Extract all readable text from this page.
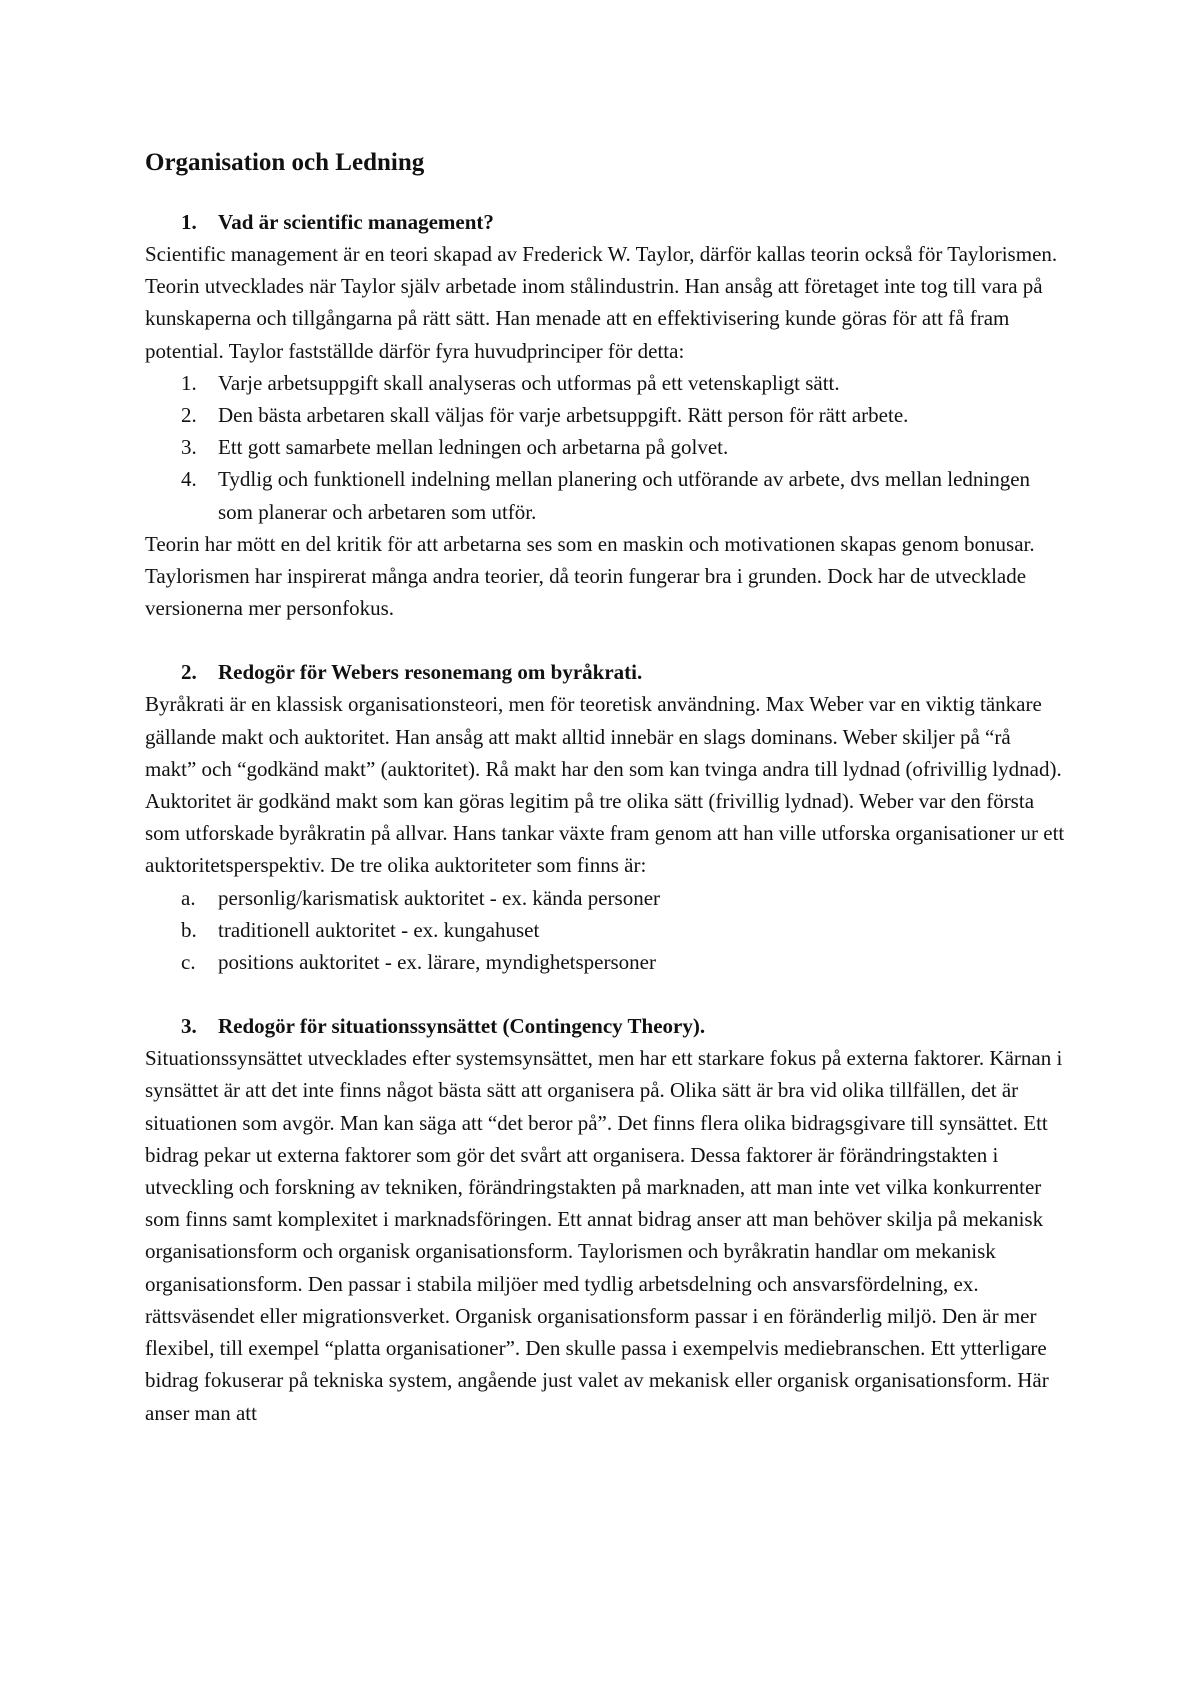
Organisation och Ledning
1.	Vad är scientific management?

Scientific management är en teori skapad av Frederick W. Taylor, därför kallas teorin också för Taylorismen. Teorin utvecklades när Taylor själv arbetade inom stålindustrin. Han ansåg att företaget inte tog till vara på kunskaperna och tillgångarna på rätt sätt. Han menade att en effektivisering kunde göras för att få fram potential. Taylor fastställde därför fyra huvudprinciper för detta:

1.	Varje arbetsuppgift skall analyseras och utformas på ett vetenskapligt sätt.
2.	Den bästa arbetaren skall väljas för varje arbetsuppgift. Rätt person för rätt arbete.
3.	Ett gott samarbete mellan ledningen och arbetarna på golvet.
4.	Tydlig och funktionell indelning mellan planering och utförande av arbete, dvs mellan ledningen som planerar och arbetaren som utför.

Teorin har mött en del kritik för att arbetarna ses som en maskin och motivationen skapas genom bonusar. Taylorismen har inspirerat många andra teorier, då teorin fungerar bra i grunden. Dock har de utvecklade versionerna mer personfokus.

2.	Redogör för Webers resonemang om byråkrati.

Byråkrati är en klassisk organisationsteori, men för teoretisk användning. Max Weber var en viktig tänkare gällande makt och auktoritet. Han ansåg att makt alltid innebär en slags dominans. Weber skiljer på “rå makt” och “godkänd makt” (auktoritet). Rå makt har den som kan tvinga andra till lydnad (ofrivillig lydnad). Auktoritet är godkänd makt som kan göras legitim på tre olika sätt (frivillig lydnad). Weber var den första som utforskade byråkratin på allvar. Hans tankar växte fram genom att han ville utforska organisationer ur ett auktoritetsperspektiv. De tre olika auktoriteter som finns är:

a.	personlig/karismatisk auktoritet - ex. kända personer
b.	traditionell auktoritet - ex. kungahuset
c.	positions auktoritet - ex. lärare, myndighetspersoner
3.	Redogör för situationssynsättet (Contingency Theory).

Situationssynsättet utvecklades efter systemsynsättet, men har ett starkare fokus på externa faktorer. Kärnan i synsättet är att det inte finns något bästa sätt att organisera på. Olika sätt är bra vid olika tillfällen, det är situationen som avgör. Man kan säga att “det beror på”. Det finns flera olika bidragsgivare till synsättet. Ett bidrag pekar ut externa faktorer som gör det svårt att organisera. Dessa faktorer är förändringstakten i utveckling och forskning av tekniken, förändringstakten på marknaden, att man inte vet vilka konkurrenter som finns samt komplexitet i marknadsföringen. Ett annat bidrag anser att man behöver skilja på mekanisk organisationsform och organisk organisationsform. Taylorismen och byråkratin handlar om mekanisk organisationsform. Den passar i stabila miljöer med tydlig arbetsdelning och ansvarsfördelning, ex. rättsväsendet eller migrationsverket. Organisk organisationsform passar i en föränderlig miljö. Den är mer flexibel, till exempel “platta organisationer”. Den skulle passa i exempelvis mediebranschen. Ett ytterligare bidrag fokuserar på tekniska system, angående just valet av mekanisk eller organisk organisationsform. Här anser man att
